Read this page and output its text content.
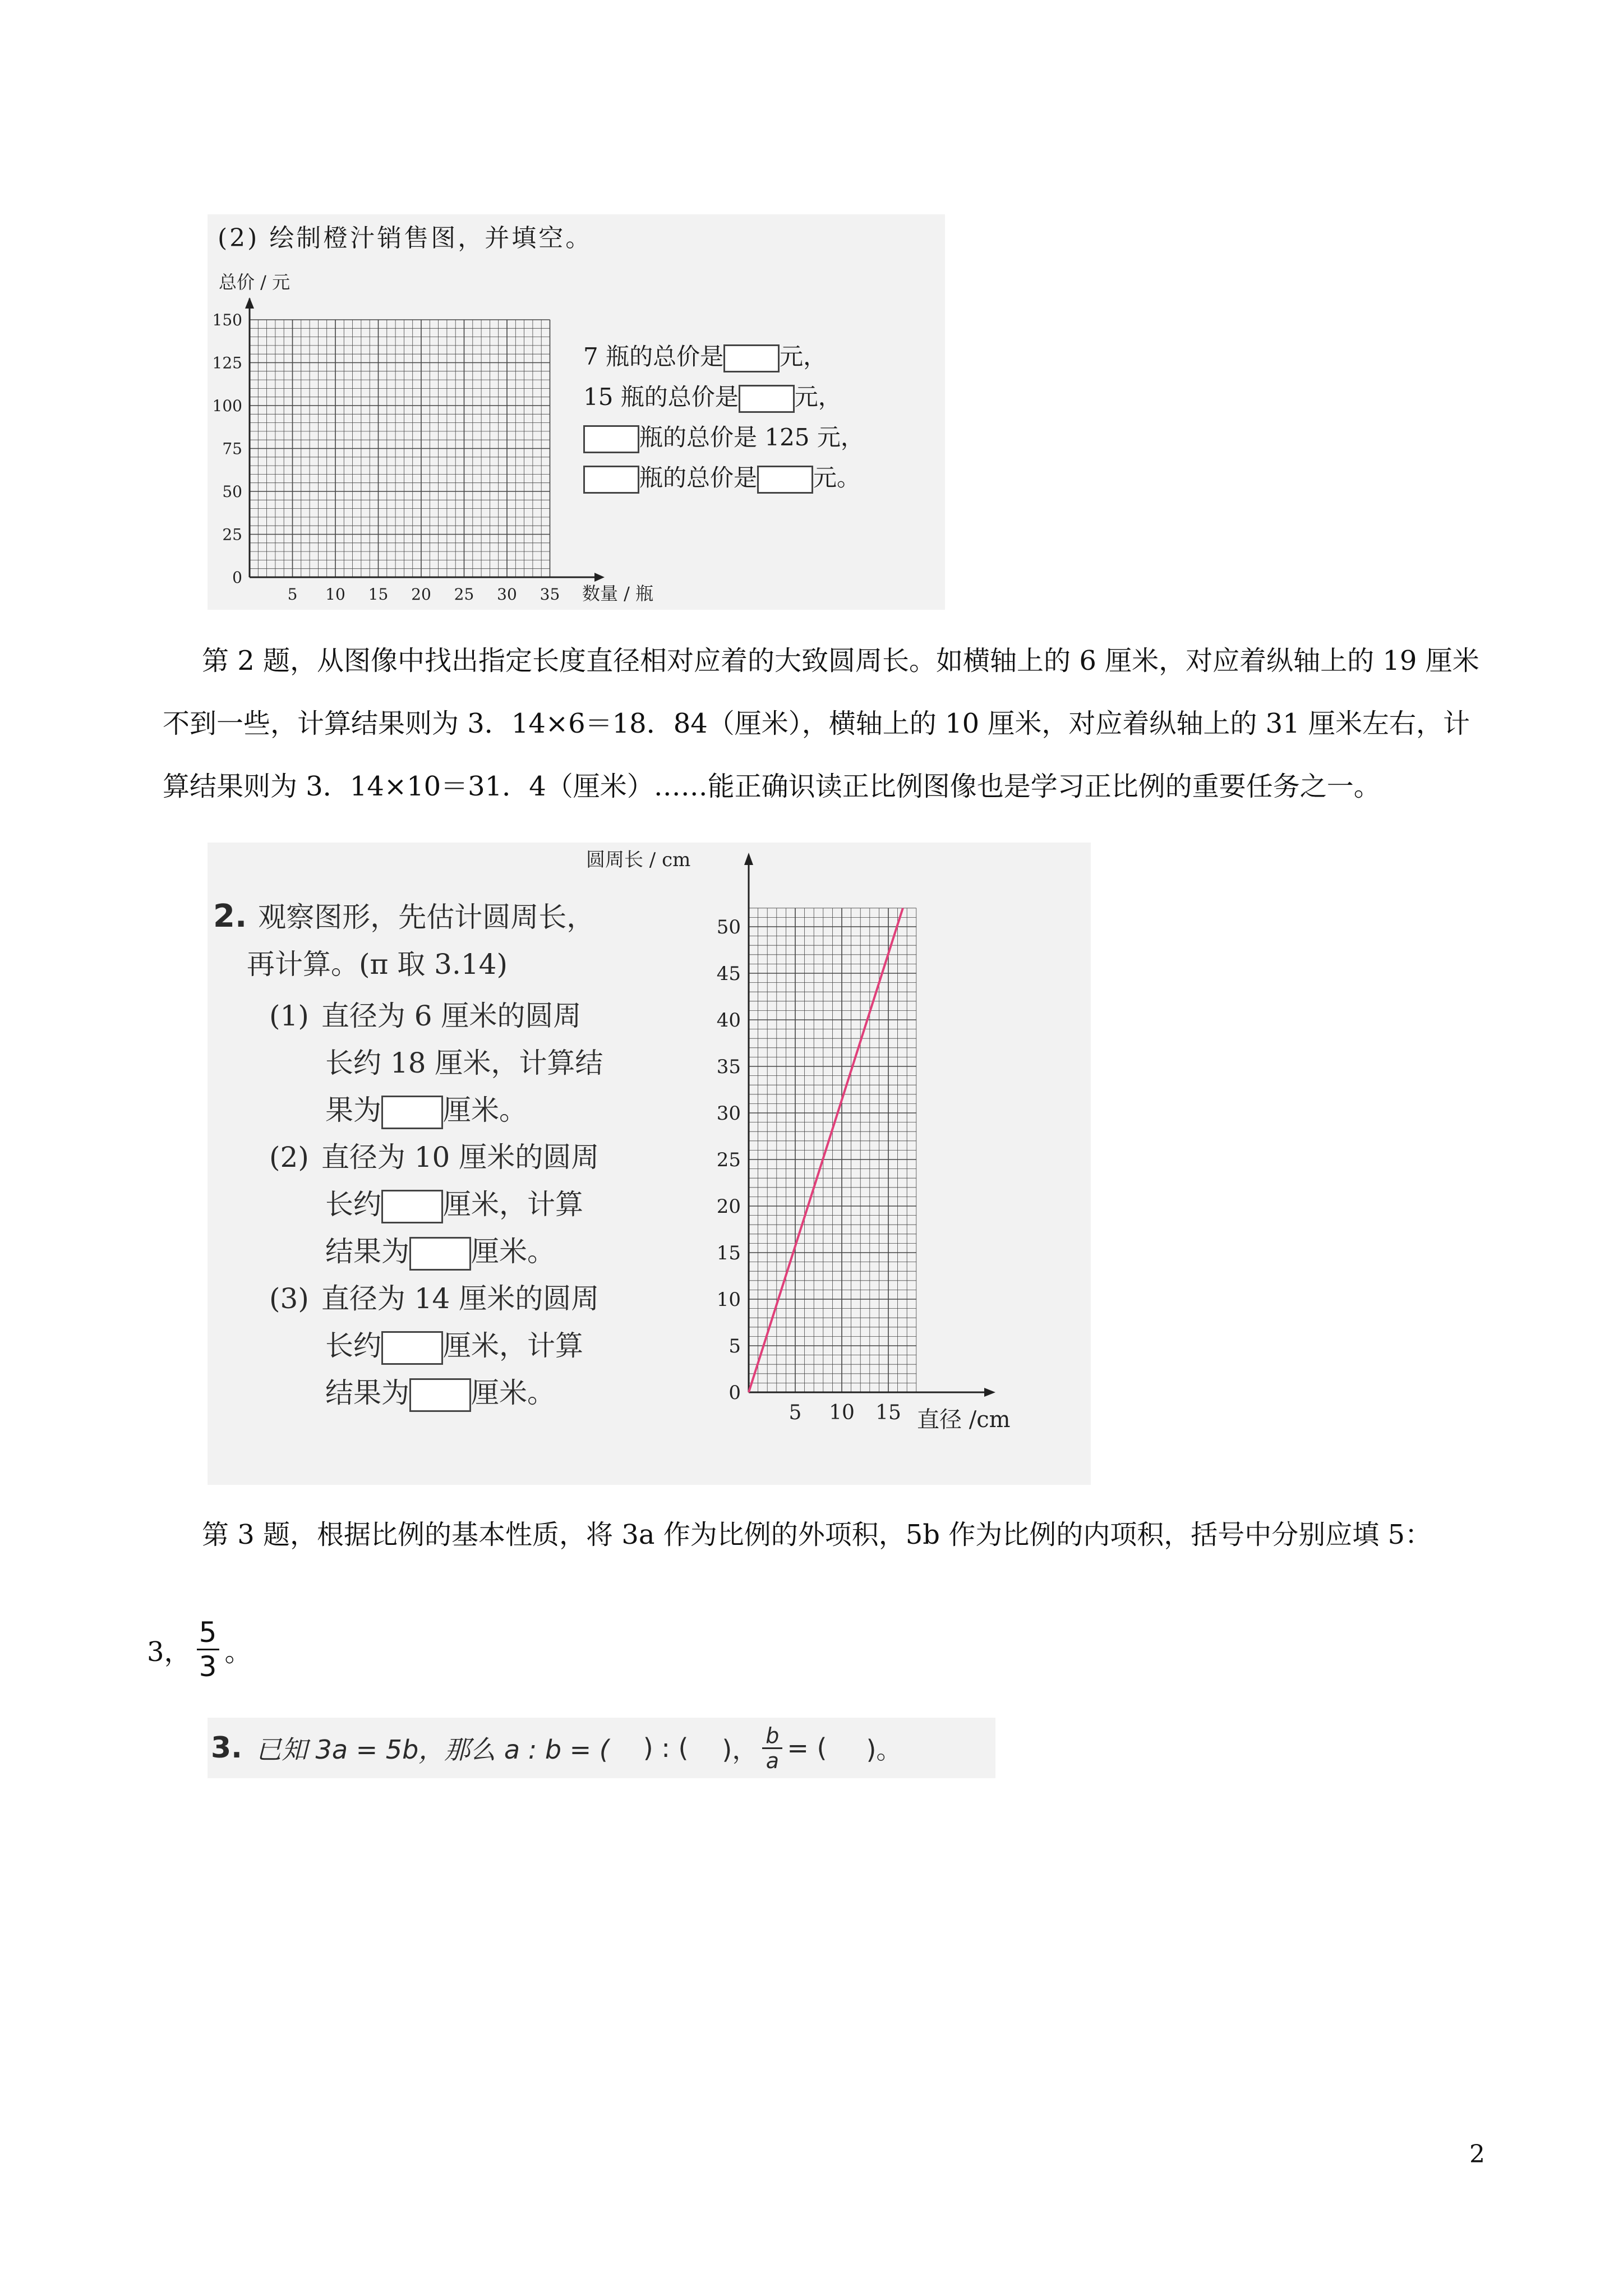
(2) 绘制橙汁销售图，并填空。
总价 / 元
数量 / 瓶
0
25
50
75
100
125
150
5 10 15 20 25 30 35
7 瓶的总价是 元，
15 瓶的总价是 元，
瓶的总价是 125 元，
瓶的总价是 元。
第 2 题，从图像中找出指定长度直径相对应着的大致圆周长。如横轴上的 6 厘米，对应着纵轴上的 19 厘米不到一些，计算结果则为 3．14×6＝18．84（厘米），横轴上的 10 厘米，对应着纵轴上的 31 厘米左右，计算结果则为 3．14×10＝31．4（厘米）……能正确识读正比例图像也是学习正比例的重要任务之一。
2. 观察图形，先估计圆周长，
再计算。(π 取 3.14)
(1) 直径为 6 厘米的圆周
长约 18 厘米，计算结
果为 厘米。
(2) 直径为 10 厘米的圆周
长约 厘米，计算
结果为 厘米。
(3) 直径为 14 厘米的圆周
长约 厘米，计算
结果为 厘米。
圆周长 / cm
直径 /cm
0
5
10
15
20
25
30
35
40
45
50
5 10 15
第 3 题，根据比例的基本性质，将 3a 作为比例的外项积，5b 作为比例的内项积，括号中分别应填 5：
3，
5
3 。
3. 已知 3a = 5b，那么 a : b = ( ) : ( )， b
a = ( )。
2
